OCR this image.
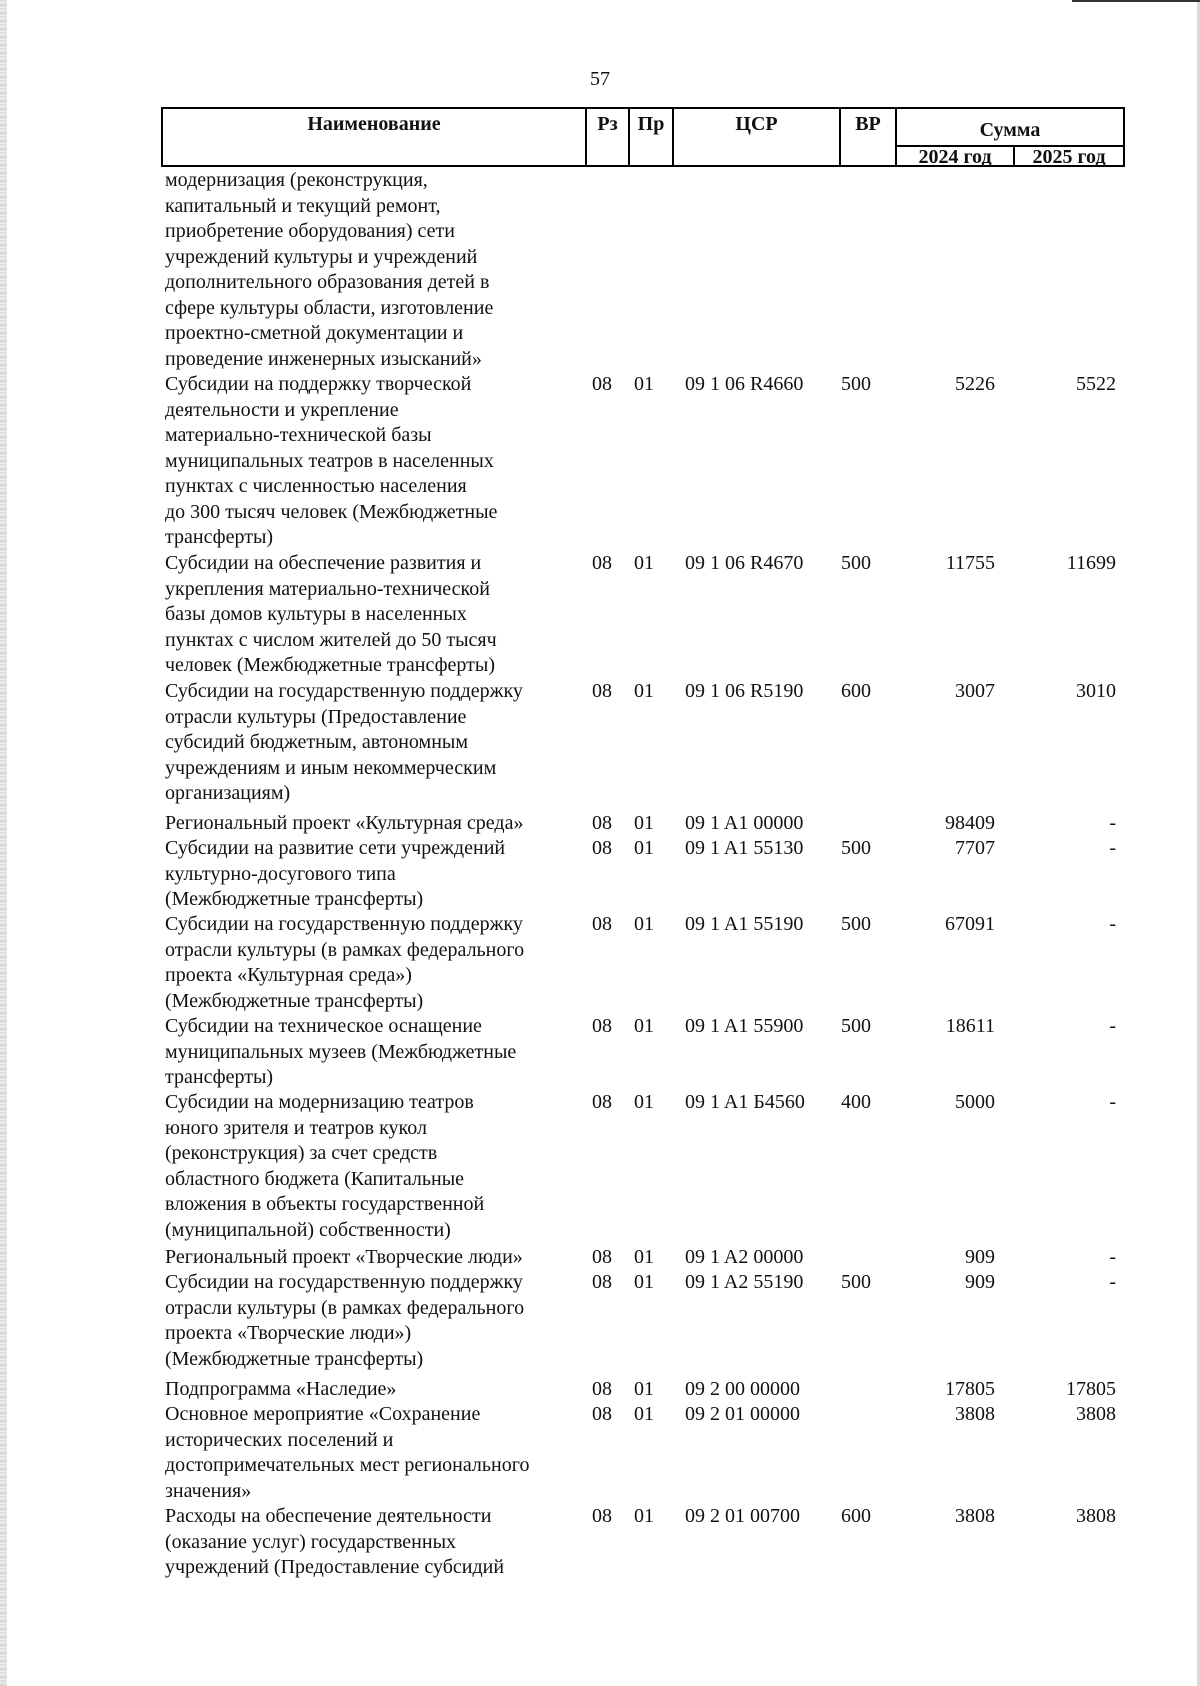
57
Наименование	Рз	Пр	ЦСР	ВР	Сумма
2024 год	2025 год
модернизация (реконструкция,
капитальный и текущий ремонт,
приобретение оборудования) сети
учреждений культуры и учреждений
дополнительного образования детей в
сфере культуры области, изготовление
проектно-сметной документации и
проведение инженерных изысканий»
Субсидии на поддержку творческой
деятельности и укрепление
материально-технической базы
муниципальных театров в населенных
пунктах с численностью населения
до 300 тысяч человек (Межбюджетные
трансферты)
08	01	09 1 06 R4660	500	5226	5522
Субсидии на обеспечение развития и
укрепления материально-технической
базы домов культуры в населенных
пунктах с числом жителей до 50 тысяч
человек (Межбюджетные трансферты)
08	01	09 1 06 R4670	500	11755	11699
Субсидии на государственную поддержку
отрасли культуры (Предоставление
субсидий бюджетным, автономным
учреждениям и иным некоммерческим
организациям)
08	01	09 1 06 R5190	600	3007	3010
Региональный проект «Культурная среда»	08	01	09 1 A1 00000	98409	-
Субсидии на развитие сети учреждений
культурно-досугового типа
(Межбюджетные трансферты)
08	01	09 1 A1 55130	500	7707	-
Субсидии на государственную поддержку
отрасли культуры (в рамках федерального
проекта «Культурная среда»)
(Межбюджетные трансферты)
08	01	09 1 A1 55190	500	67091	-
Субсидии на техническое оснащение
муниципальных музеев (Межбюджетные
трансферты)
08	01	09 1 A1 55900	500	18611	-
Субсидии на модернизацию театров
юного зрителя и театров кукол
(реконструкция) за счет средств
областного бюджета (Капитальные
вложения в объекты государственной
(муниципальной) собственности)
08	01	09 1 A1 Б4560	400	5000	-
Региональный проект «Творческие люди»	08	01	09 1 A2 00000	909	-
Субсидии на государственную поддержку
отрасли культуры (в рамках федерального
проекта «Творческие люди»)
(Межбюджетные трансферты)
08	01	09 1 A2 55190	500	909	-
Подпрограмма «Наследие»	08	01	09 2 00 00000	17805	17805
Основное мероприятие «Сохранение
исторических поселений и
достопримечательных мест регионального
значения»
08	01	09 2 01 00000	3808	3808
Расходы на обеспечение деятельности
(оказание услуг) государственных
учреждений (Предоставление субсидий
08	01	09 2 01 00700	600	3808	3808
